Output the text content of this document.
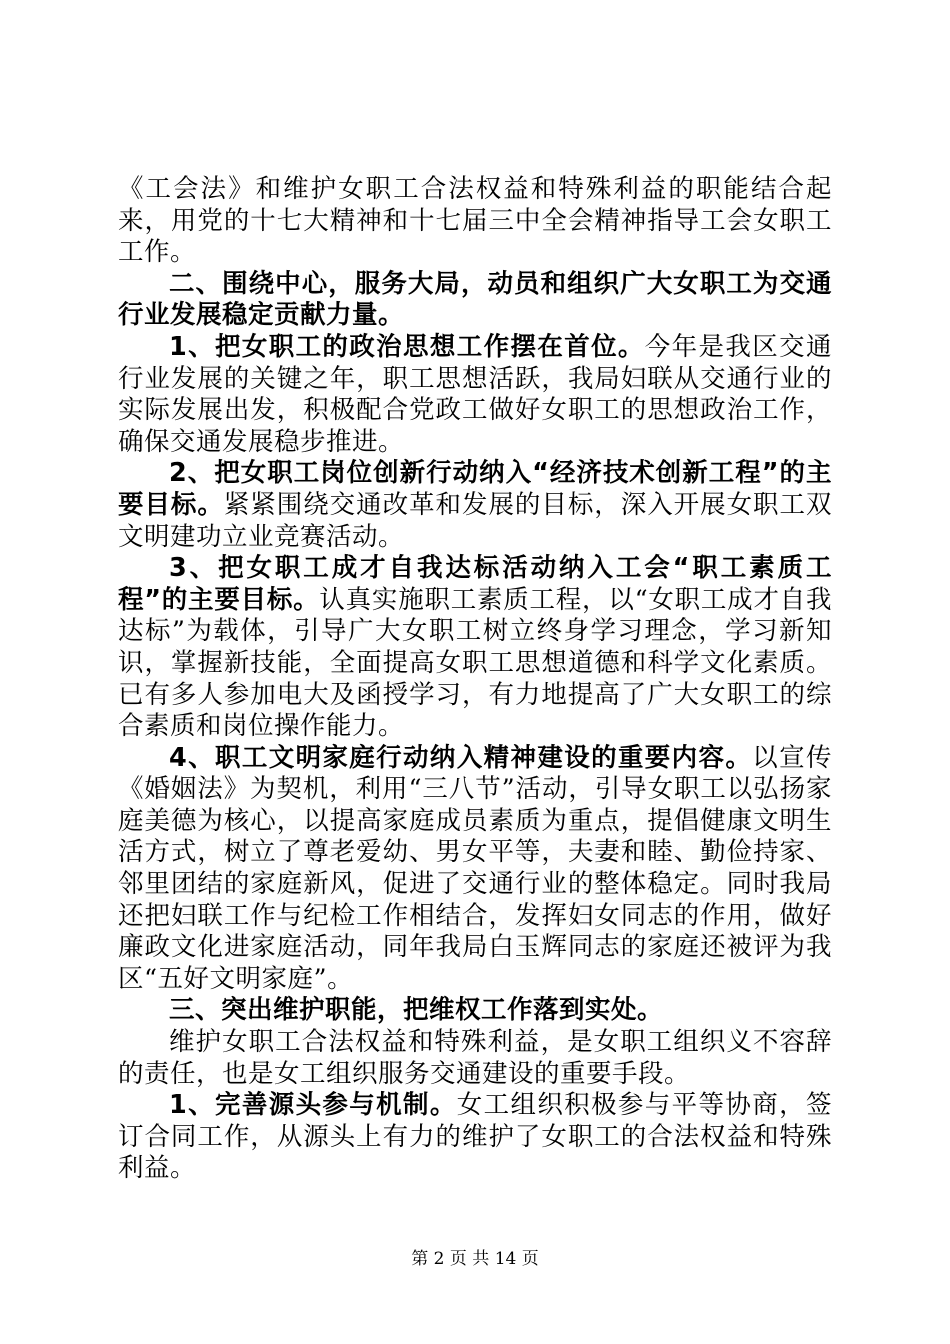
《工会法》和维护女职工合法权益和特殊利益的职能结合起来，用党的十七大精神和十七届三中全会精神指导工会女职工工作。

二、围绕中心，服务大局，动员和组织广大女职工为交通行业发展稳定贡献力量。

1、把女职工的政治思想工作摆在首位。今年是我区交通行业发展的关键之年，职工思想活跃，我局妇联从交通行业的实际发展出发，积极配合党政工做好女职工的思想政治工作，确保交通发展稳步推进。

2、把女职工岗位创新行动纳入“经济技术创新工程”的主要目标。紧紧围绕交通改革和发展的目标，深入开展女职工双文明建功立业竞赛活动。

3、把女职工成才自我达标活动纳入工会“职工素质工程”的主要目标。认真实施职工素质工程，以“女职工成才自我达标”为载体，引导广大女职工树立终身学习理念，学习新知识，掌握新技能，全面提高女职工思想道德和科学文化素质。已有多人参加电大及函授学习，有力地提高了广大女职工的综合素质和岗位操作能力。

4、职工文明家庭行动纳入精神建设的重要内容。以宣传《婚姻法》为契机，利用“三八节”活动，引导女职工以弘扬家庭美德为核心，以提高家庭成员素质为重点，提倡健康文明生活方式，树立了尊老爱幼、男女平等，夫妻和睦、勤俭持家、邻里团结的家庭新风，促进了交通行业的整体稳定。同时我局还把妇联工作与纪检工作相结合，发挥妇女同志的作用，做好廉政文化进家庭活动，同年我局白玉辉同志的家庭还被评为我区“五好文明家庭”。

三、突出维护职能，把维权工作落到实处。

维护女职工合法权益和特殊利益，是女职工组织义不容辞的责任，也是女工组织服务交通建设的重要手段。

1、完善源头参与机制。女工组织积极参与平等协商，签订合同工作，从源头上有力的维护了女职工的合法权益和特殊利益。

第 2 页 共 14 页
